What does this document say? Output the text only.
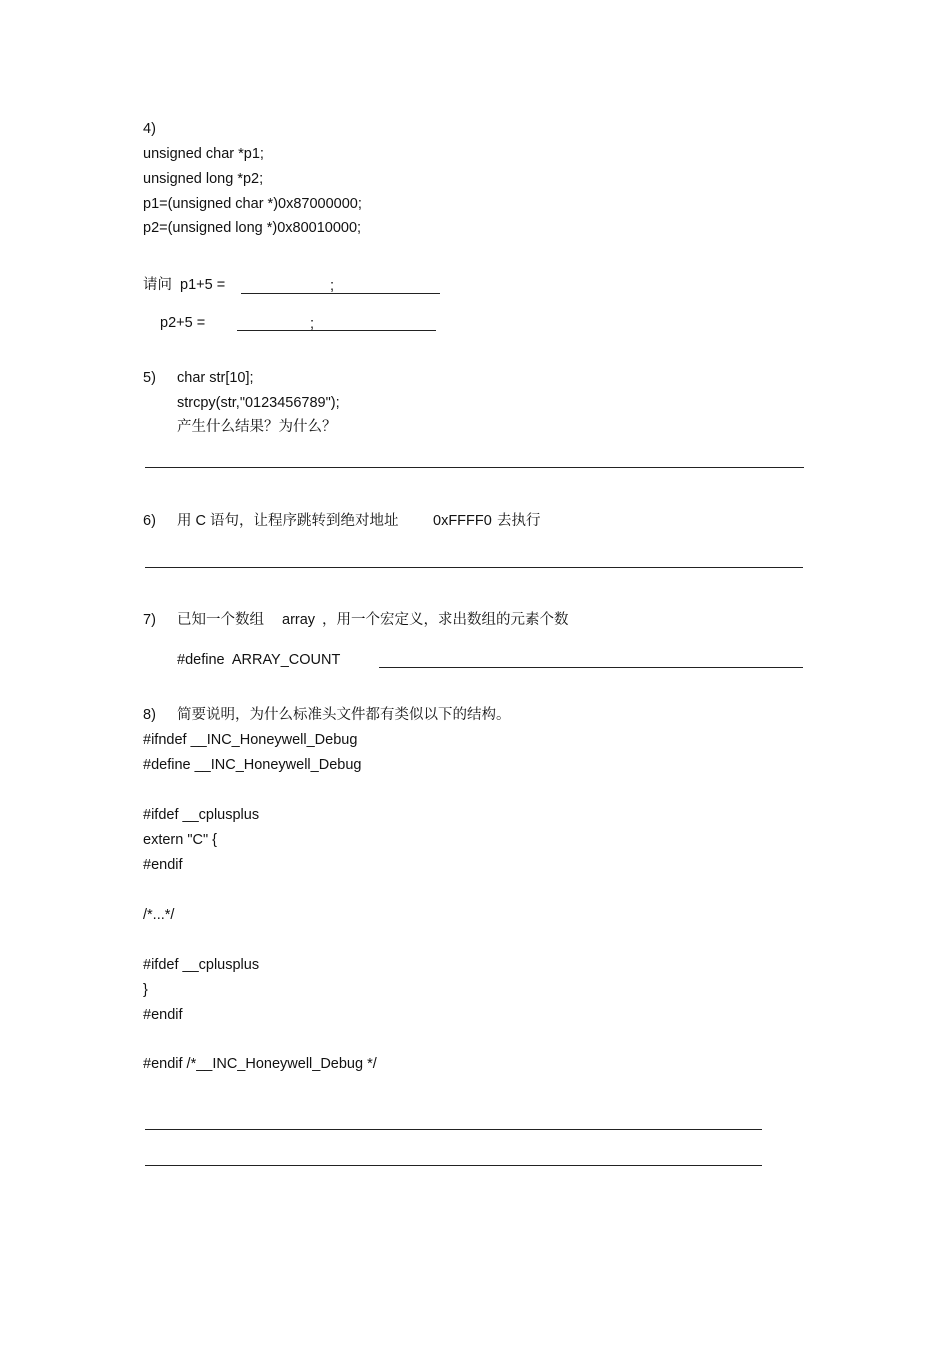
4)
unsigned char *p1;
unsigned long *p2;
p1=(unsigned char *)0x87000000;
p2=(unsigned long *)0x80010000;
请问 p1+5 =	;
p2+5 =	;
5) char str[10];
strcpy(str,"0123456789");
产生什么结果？为什么？
6) 用 C 语句，让程序跳转到绝对地址 0xFFFF0 去执行
7) 已知一个数组 array ，用一个宏定义，求出数组的元素个数
#define  ARRAY_COUNT
8) 简要说明，为什么标准头文件都有类似以下的结构。
#ifndef __INC_Honeywell_Debug
#define __INC_Honeywell_Debug
#ifdef __cplusplus
extern "C" {
#endif
/*...*/
#ifdef __cplusplus
}
#endif
#endif /*__INC_Honeywell_Debug */
